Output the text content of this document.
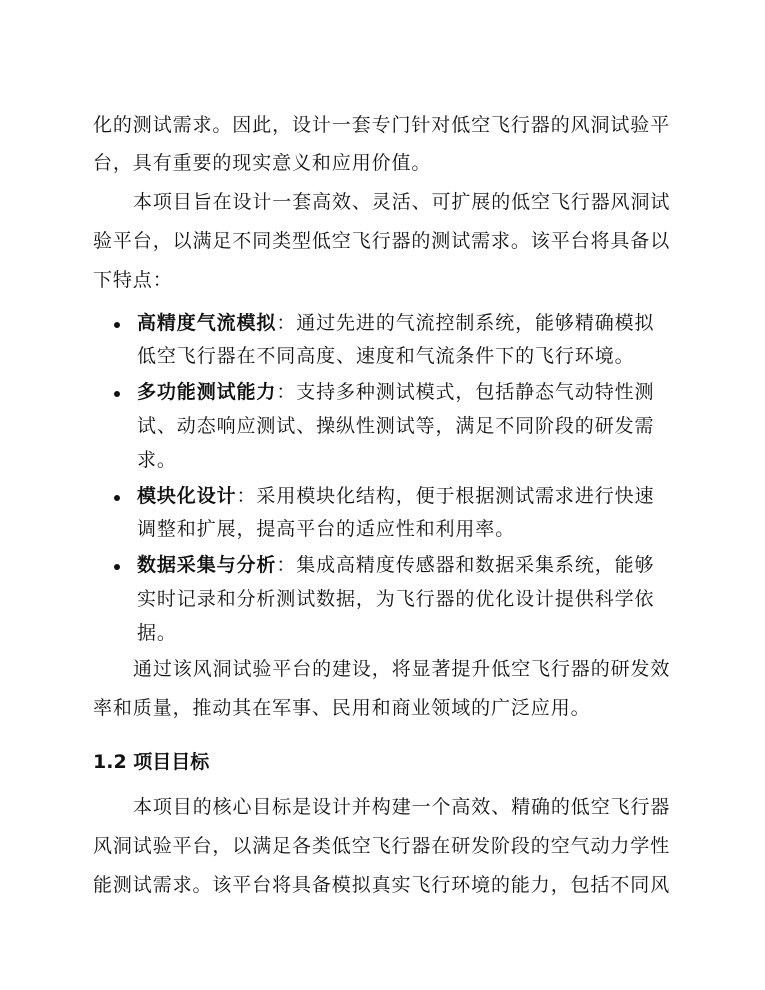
化的测试需求。因此，设计一套专门针对低空飞行器的风洞试验平
台，具有重要的现实意义和应用价值。
本项目旨在设计一套高效、灵活、可扩展的低空飞行器风洞试
验平台，以满足不同类型低空飞行器的测试需求。该平台将具备以
下特点：
高精度气流模拟：通过先进的气流控制系统，能够精确模拟
低空飞行器在不同高度、速度和气流条件下的飞行环境。
多功能测试能力：支持多种测试模式，包括静态气动特性测
试、动态响应测试、操纵性测试等，满足不同阶段的研发需
求。
模块化设计：采用模块化结构，便于根据测试需求进行快速
调整和扩展，提高平台的适应性和利用率。
数据采集与分析：集成高精度传感器和数据采集系统，能够
实时记录和分析测试数据，为飞行器的优化设计提供科学依
据。
通过该风洞试验平台的建设，将显著提升低空飞行器的研发效
率和质量，推动其在军事、民用和商业领域的广泛应用。
1.2 项目目标
本项目的核心目标是设计并构建一个高效、精确的低空飞行器
风洞试验平台，以满足各类低空飞行器在研发阶段的空气动力学性
能测试需求。该平台将具备模拟真实飞行环境的能力，包括不同风
